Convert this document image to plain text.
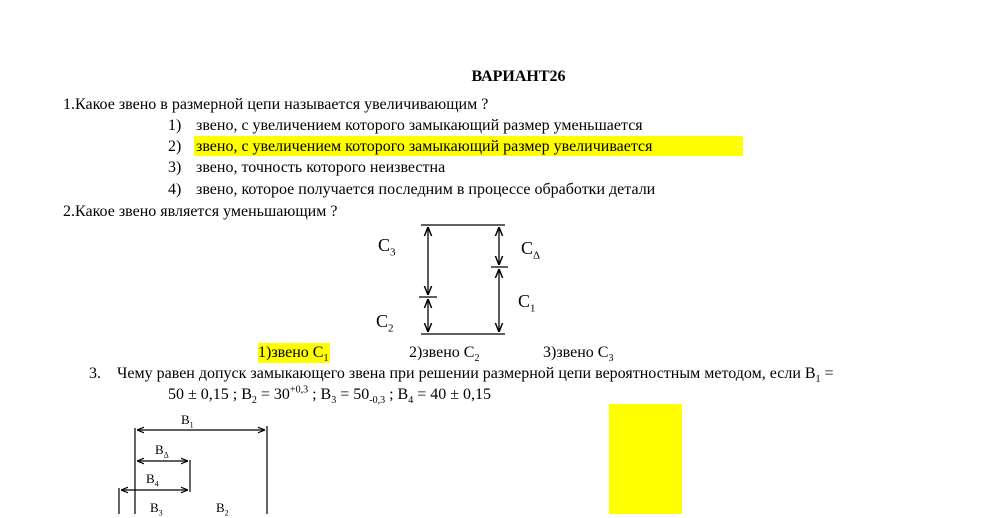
ВАРИАНТ26
1.Какое звено в размерной цепи называется увеличивающим ?
1) звено, с увеличением которого замыкающий размер уменьшается
2) звено, с увеличением которого замыкающий размер увеличивается
3) звено, точность которого неизвестна
4) звено, которое получается последним в процессе обработки детали
2.Какое звено является уменьшающим ?
$C_3$	$C_\Delta$
$C_1$
$C_2$
1)звено $C_1$	2)звено $C_2$	3)звено $C_3$
3. Чему равен допуск замыкающего звена при решении размерной цепи вероятностным методом, если $B_1$ =
50 ± 0,15 ; $B_2 = 30^{+0,3}$ ; $B_3 = 50_{-0,3}$ ; $B_4 = 40 \pm 0,15$
$B_1$
$B_\Delta$
$B_4$
$B_3$	$B_2$
